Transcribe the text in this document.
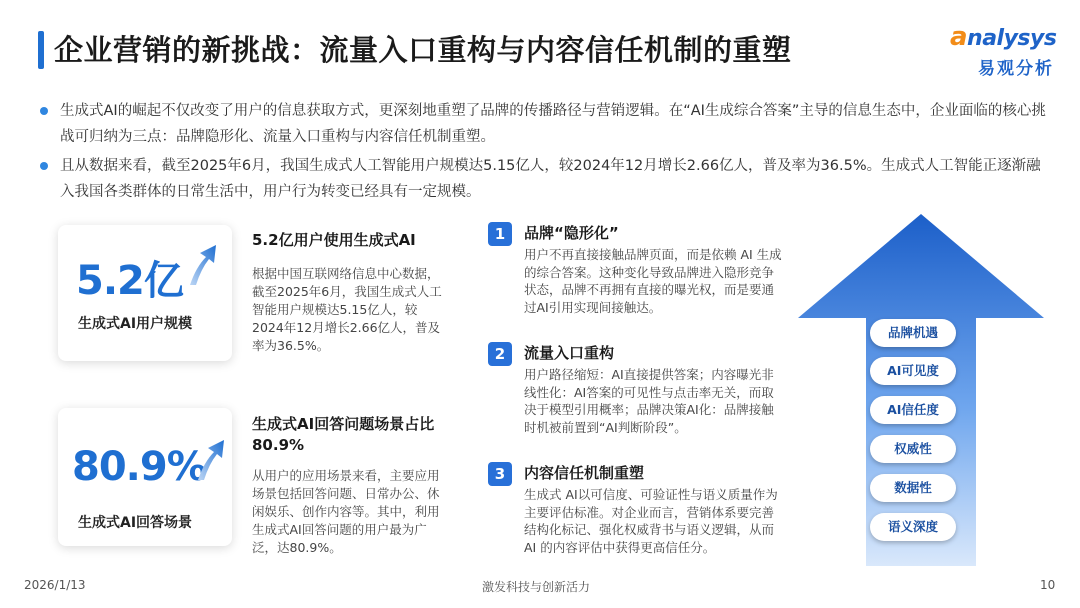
企业营销的新挑战：流量入口重构与内容信任机制的重塑	analysys
易观分析
生成式AI的崛起不仅改变了用户的信息获取方式，更深刻地重塑了品牌的传播路径与营销逻辑。在“AI生成综合答案”主导的信息生态中，企业面临的核心挑战可归纳为三点：品牌隐形化、流量入口重构与内容信任机制重塑。
且从数据来看，截至2025年6月，我国生成式人工智能用户规模达5.15亿人，较2024年12月增长2.66亿人，普及率为36.5%。生成式人工智能正逐渐融入我国各类群体的日常生活中，用户行为转变已经具有一定规模。
5.2亿
生成式AI用户规模
5.2亿用户使用生成式AI
根据中国互联网络信息中心数据，截至2025年6月，我国生成式人工智能用户规模达5.15亿人，较2024年12月增长2.66亿人，普及率为36.5%。
80.9%
生成式AI回答场景
生成式AI回答问题场景占比80.9%
从用户的应用场景来看，主要应用场景包括回答问题、日常办公、休闲娱乐、创作内容等。其中，利用生成式AI回答问题的用户最为广泛，达80.9%。
1	品牌“隐形化”
用户不再直接接触品牌页面，而是依赖 AI 生成的综合答案。这种变化导致品牌进入隐形竞争状态，品牌不再拥有直接的曝光权，而是要通过AI引用实现间接触达。
2	流量入口重构
用户路径缩短：AI直接提供答案；内容曝光非线性化：AI答案的可见性与点击率无关，而取决于模型引用概率；品牌决策AI化：品牌接触时机被前置到“AI判断阶段”。
3	内容信任机制重塑
生成式 AI以可信度、可验证性与语义质量作为主要评估标准。对企业而言，营销体系要完善结构化标记、强化权威背书与语义逻辑，从而 AI 的内容评估中获得更高信任分。
品牌机遇
AI可见度
AI信任度
权威性
数据性
语义深度
2026/1/13	激发科技与创新活力	10
